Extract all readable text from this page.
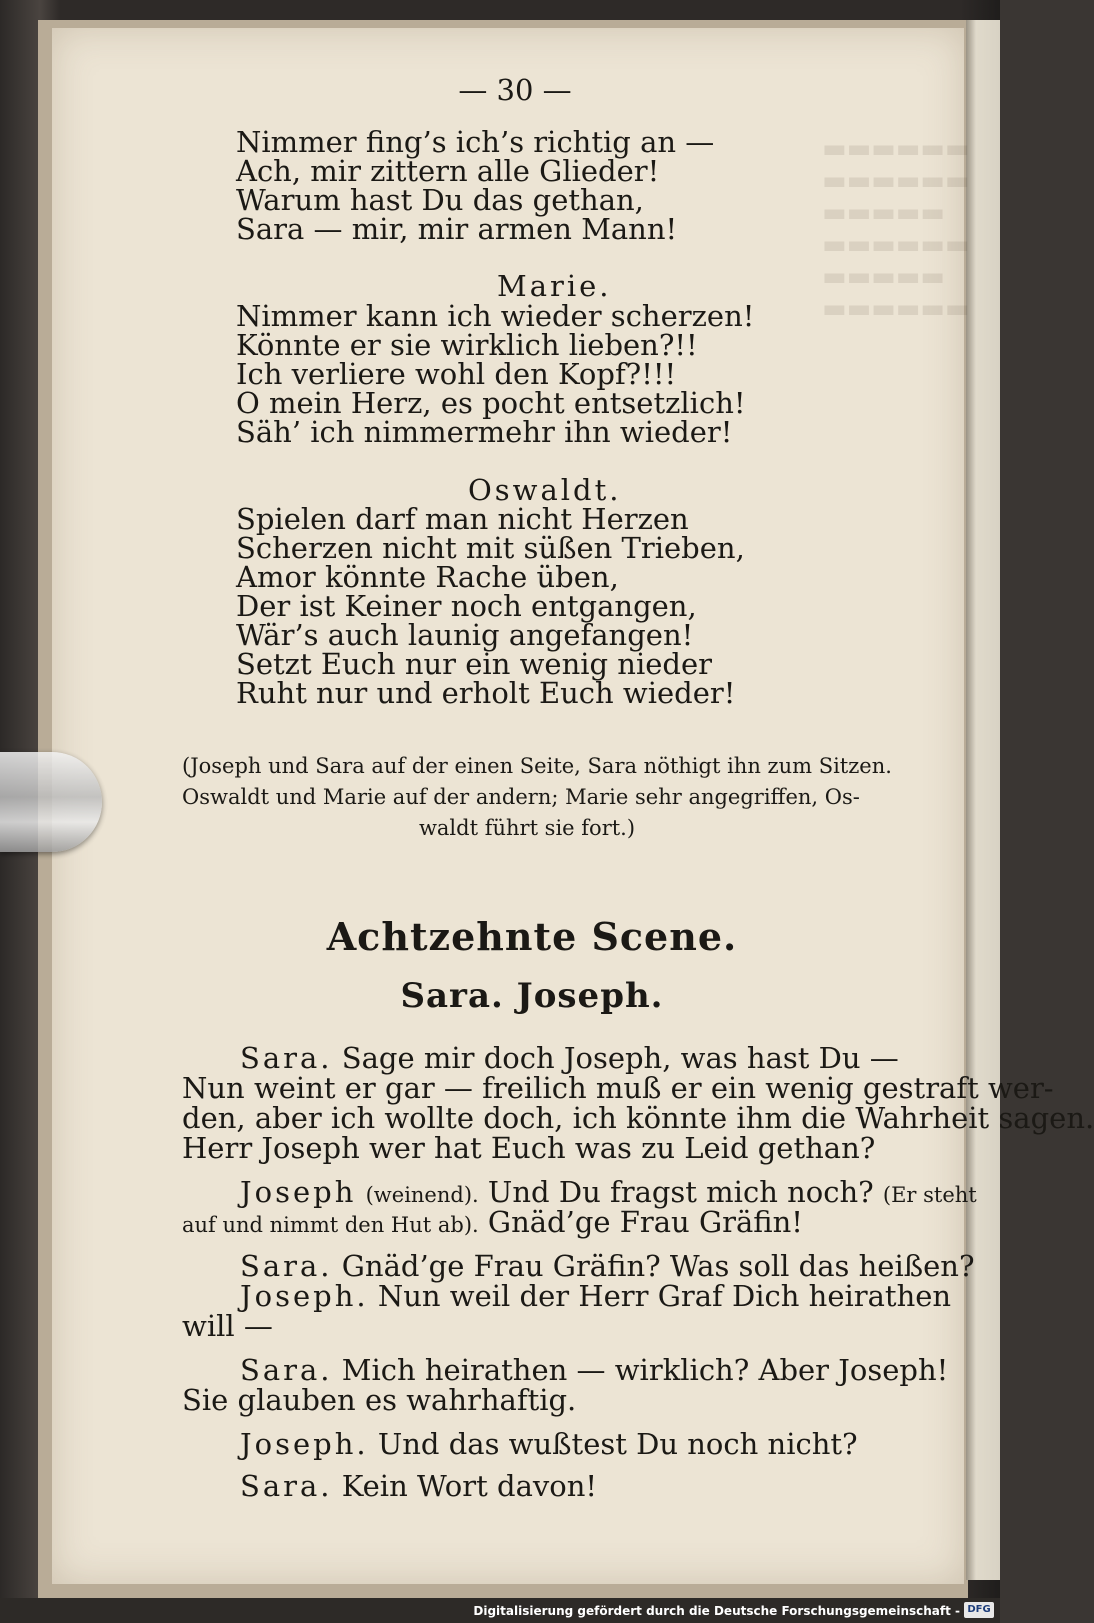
▬▬▬▬▬▬
▬▬▬▬▬▬
▬▬▬▬▬
▬▬▬▬▬▬
▬▬▬▬▬
▬▬▬▬▬▬
— 30 —
Nimmer fing’s ich’s richtig an —
Ach, mir zittern alle Glieder!
Warum hast Du das gethan,
Sara — mir, mir armen Mann!
Marie.
Nimmer kann ich wieder scherzen!
Könnte er sie wirklich lieben?!!
Ich verliere wohl den Kopf?!!!
O mein Herz, es pocht entsetzlich!
Säh’ ich nimmermehr ihn wieder!
Oswaldt.
Spielen darf man nicht Herzen
Scherzen nicht mit süßen Trieben,
Amor könnte Rache üben,
Der ist Keiner noch entgangen,
Wär’s auch launig angefangen!
Setzt Euch nur ein wenig nieder
Ruht nur und erholt Euch wieder!
(Joseph und Sara auf der einen Seite, Sara nöthigt ihn zum Sitzen.
Oswaldt und Marie auf der andern; Marie sehr angegriffen, Os-
waldt führt sie fort.)
Achtzehnte Scene.
Sara. Joseph.
Sara. Sage mir doch Joseph, was hast Du —
Nun weint er gar — freilich muß er ein wenig gestraft wer-
den, aber ich wollte doch, ich könnte ihm die Wahrheit sagen.
Herr Joseph wer hat Euch was zu Leid gethan?
Joseph (weinend). Und Du fragst mich noch? (Er steht
auf und nimmt den Hut ab). Gnäd’ge Frau Gräfin!
Sara. Gnäd’ge Frau Gräfin? Was soll das heißen?
Joseph. Nun weil der Herr Graf Dich heirathen
will —
Sara. Mich heirathen — wirklich? Aber Joseph!
Sie glauben es wahrhaftig.
Joseph. Und das wußtest Du noch nicht?
Sara. Kein Wort davon!
Digitalisierung gefördert durch die Deutsche Forschungsgemeinschaft - DFG
